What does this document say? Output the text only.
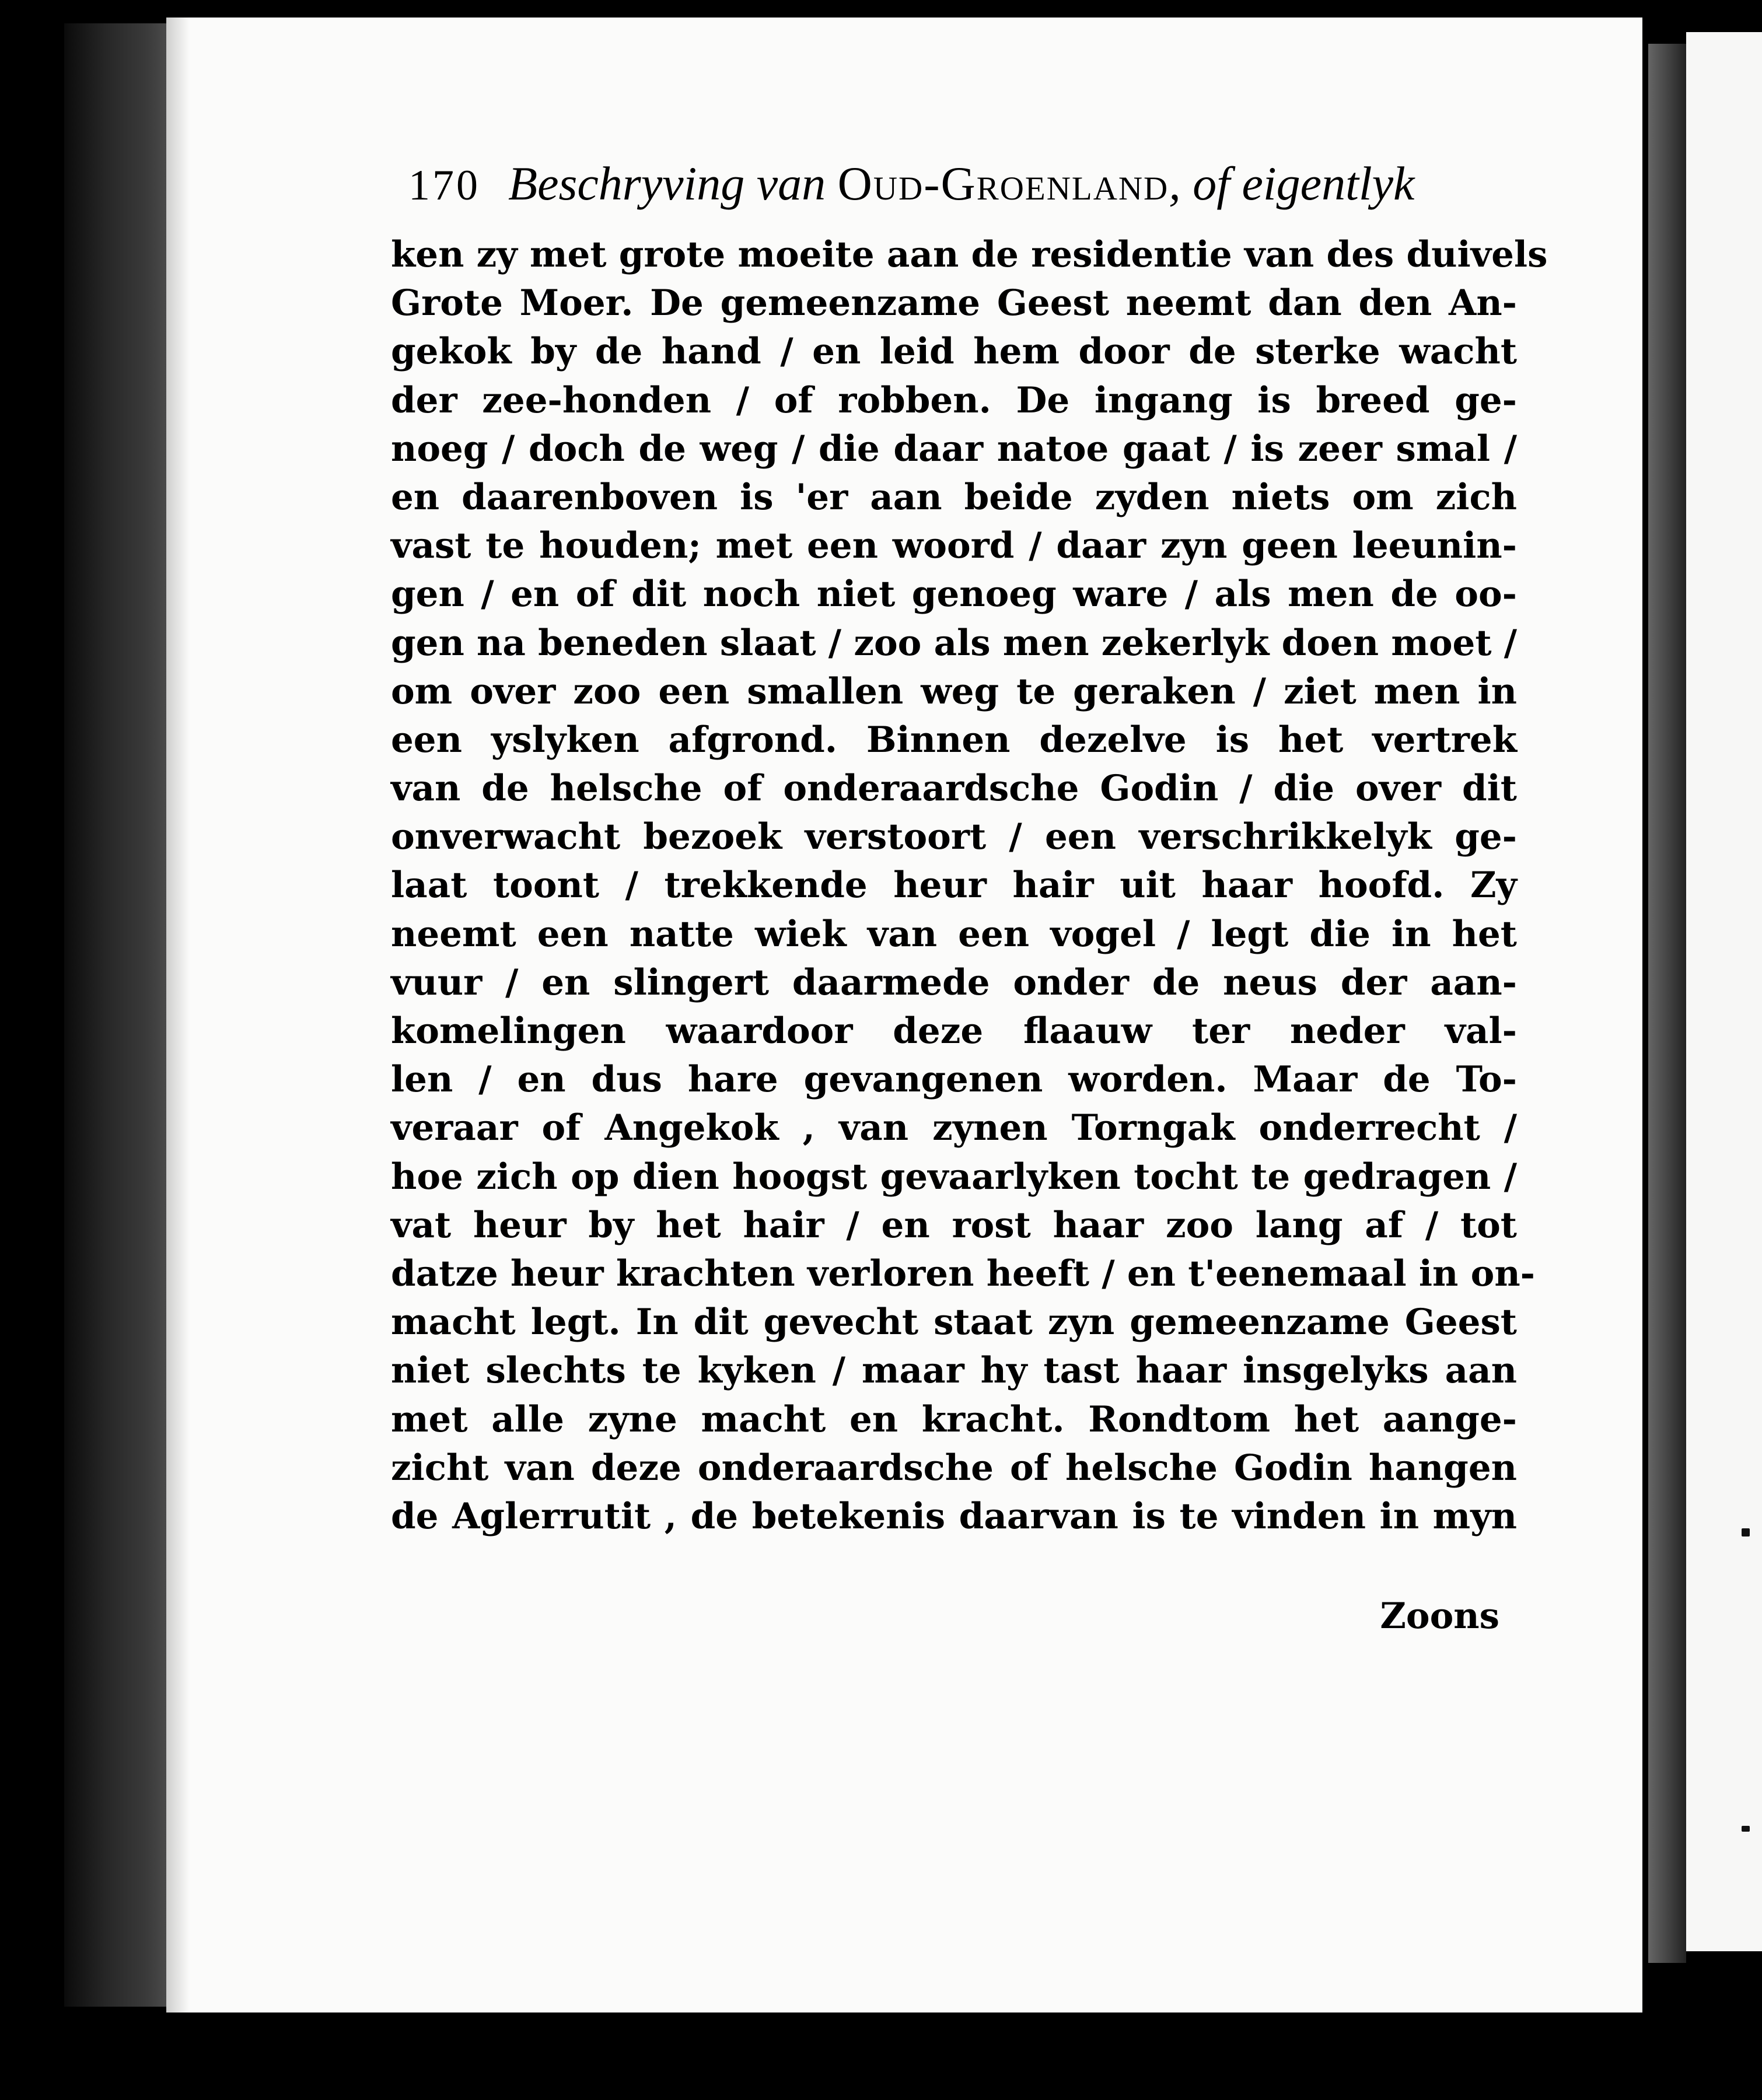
170 Beschryving van Oud-Groenland, of eigentlyk
ken zy met grote moeite aan de residentie van des duivels
Grote Moer. De gemeenzame Geest neemt dan den An-
gekok by de hand / en leid hem door de sterke wacht
der zee-honden / of robben. De ingang is breed ge-
noeg / doch de weg / die daar natoe gaat / is zeer smal /
en daarenboven is 'er aan beide zyden niets om zich
vast te houden; met een woord / daar zyn geen leeunin-
gen / en of dit noch niet genoeg ware / als men de oo-
gen na beneden slaat / zoo als men zekerlyk doen moet /
om over zoo een smallen weg te geraken / ziet men in
een yslyken afgrond. Binnen dezelve is het vertrek
van de helsche of onderaardsche Godin / die over dit
onverwacht bezoek verstoort / een verschrikkelyk ge-
laat toont / trekkende heur hair uit haar hoofd. Zy
neemt een natte wiek van een vogel / legt die in het
vuur / en slingert daarmede onder de neus der aan-
komelingen waardoor deze flaauw ter neder val-
len / en dus hare gevangenen worden. Maar de To-
veraar of Angekok , van zynen Torngak onderrecht /
hoe zich op dien hoogst gevaarlyken tocht te gedragen /
vat heur by het hair / en rost haar zoo lang af / tot
datze heur krachten verloren heeft / en t'eenemaal in on-
macht legt. In dit gevecht staat zyn gemeenzame Geest
niet slechts te kyken / maar hy tast haar insgelyks aan
met alle zyne macht en kracht. Rondtom het aange-
zicht van deze onderaardsche of helsche Godin hangen
de Aglerrutit , de betekenis daarvan is te vinden in myn
Zoons
